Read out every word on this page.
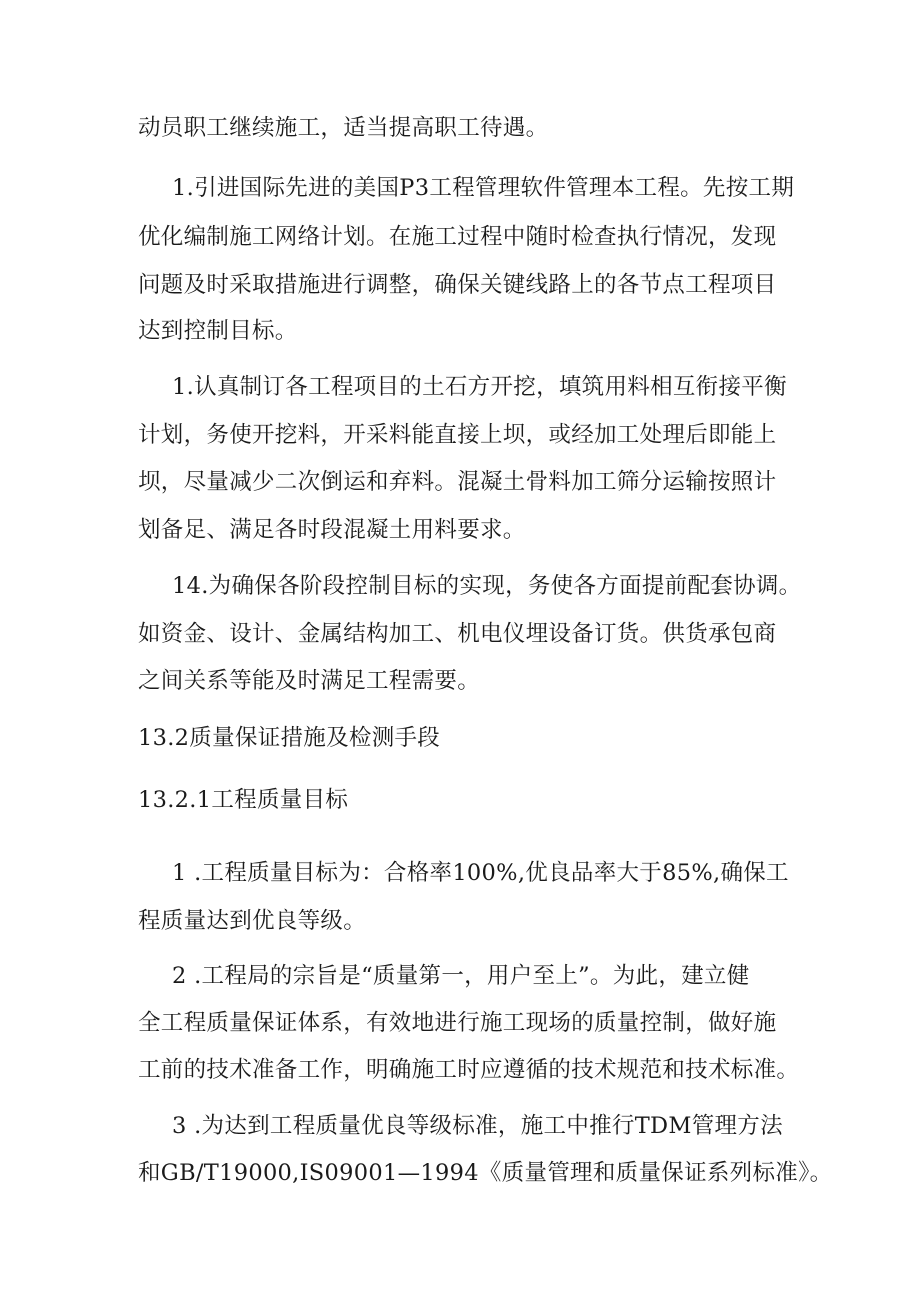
动员职工继续施工，适当提高职工待遇。

1.引进国际先进的美国P3工程管理软件管理本工程。先按工期

优化编制施工网络计划。在施工过程中随时检查执行情况，发现

问题及时采取措施进行调整，确保关键线路上的各节点工程项目

达到控制目标。

1.认真制订各工程项目的土石方开挖，填筑用料相互衔接平衡

计划，务使开挖料，开采料能直接上坝，或经加工处理后即能上

坝，尽量减少二次倒运和弃料。混凝土骨料加工筛分运输按照计

划备足、满足各时段混凝土用料要求。

14.为确保各阶段控制目标的实现，务使各方面提前配套协调。

如资金、设计、金属结构加工、机电仪埋设备订货。供货承包商

之间关系等能及时满足工程需要。

13.2质量保证措施及检测手段

13.2.1工程质量目标

1 .工程质量目标为：合格率100%,优良品率大于85%,确保工

程质量达到优良等级。

2 .工程局的宗旨是“质量第一，用户至上”。为此，建立健

全工程质量保证体系，有效地进行施工现场的质量控制，做好施

工前的技术准备工作，明确施工时应遵循的技术规范和技术标准。

3 .为达到工程质量优良等级标准，施工中推行TDM管理方法

和GB/T19000,IS09001—1994《质量管理和质量保证系列标准》。
